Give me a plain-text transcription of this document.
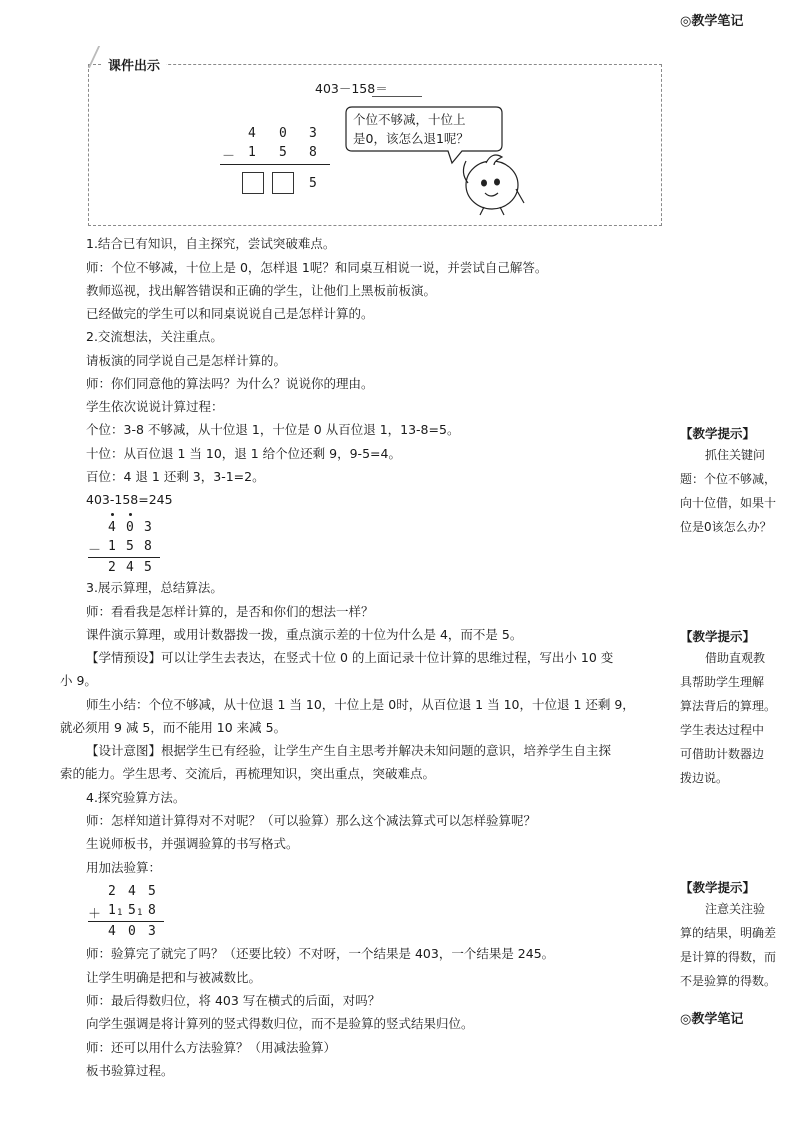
◎教学笔记
课件出示
403－158＝
4 0 3
－ 1 5 8
5
个位不够减，十位上
是0，该怎么退1呢？
1.结合已有知识，自主探究，尝试突破难点。
师：个位不够减，十位上是 0，怎样退 1呢？和同桌互相说一说，并尝试自己解答。
教师巡视，找出解答错误和正确的学生，让他们上黑板前板演。
已经做完的学生可以和同桌说说自己是怎样计算的。
2.交流想法，关注重点。
请板演的同学说自己是怎样计算的。
师：你们同意他的算法吗？为什么？说说你的理由。
学生依次说说计算过程：
个位：3-8 不够减，从十位退 1，十位是 0 从百位退 1，13-8=5。
十位：从百位退 1 当 10，退 1 给个位还剩 9，9-5=4。
百位：4 退 1 还剩 3，3-1=2。
403-158=245
4 0 3
－ 1 5 8
2 4 5
3.展示算理，总结算法。
师：看看我是怎样计算的，是否和你们的想法一样？
课件演示算理，或用计数器拨一拨，重点演示差的十位为什么是 4，而不是 5。
【学情预设】可以让学生去表达，在竖式十位 0 的上面记录十位计算的思维过程，写出小 10 变
小 9。
师生小结：个位不够减，从十位退 1 当 10，十位上是 0时，从百位退 1 当 10，十位退 1 还剩 9，
就必须用 9 减 5，而不能用 10 来减 5。
【设计意图】根据学生已有经验，让学生产生自主思考并解决未知问题的意识，培养学生自主探
索的能力。学生思考、交流后，再梳理知识，突出重点，突破难点。
4.探究验算方法。
师：怎样知道计算得对不对呢？（可以验算）那么这个减法算式可以怎样验算呢？
生说师板书，并强调验算的书写格式。
用加法验算：
2 4 5
＋ 1 1 5 1 8
4 0 3
师：验算完了就完了吗？（还要比较）不对呀，一个结果是 403，一个结果是 245。
让学生明确是把和与被减数比。
师：最后得数归位，将 403 写在横式的后面，对吗？
向学生强调是将计算列的竖式得数归位，而不是验算的竖式结果归位。
师：还可以用什么方法验算？（用减法验算）
板书验算过程。
【教学提示】
抓住关键问
题：个位不够减，
向十位借，如果十
位是0该怎么办？
【教学提示】
借助直观教
具帮助学生理解
算法背后的算理。
学生表达过程中
可借助计数器边
拨边说。
【教学提示】
注意关注验
算的结果，明确差
是计算的得数，而
不是验算的得数。
◎教学笔记
